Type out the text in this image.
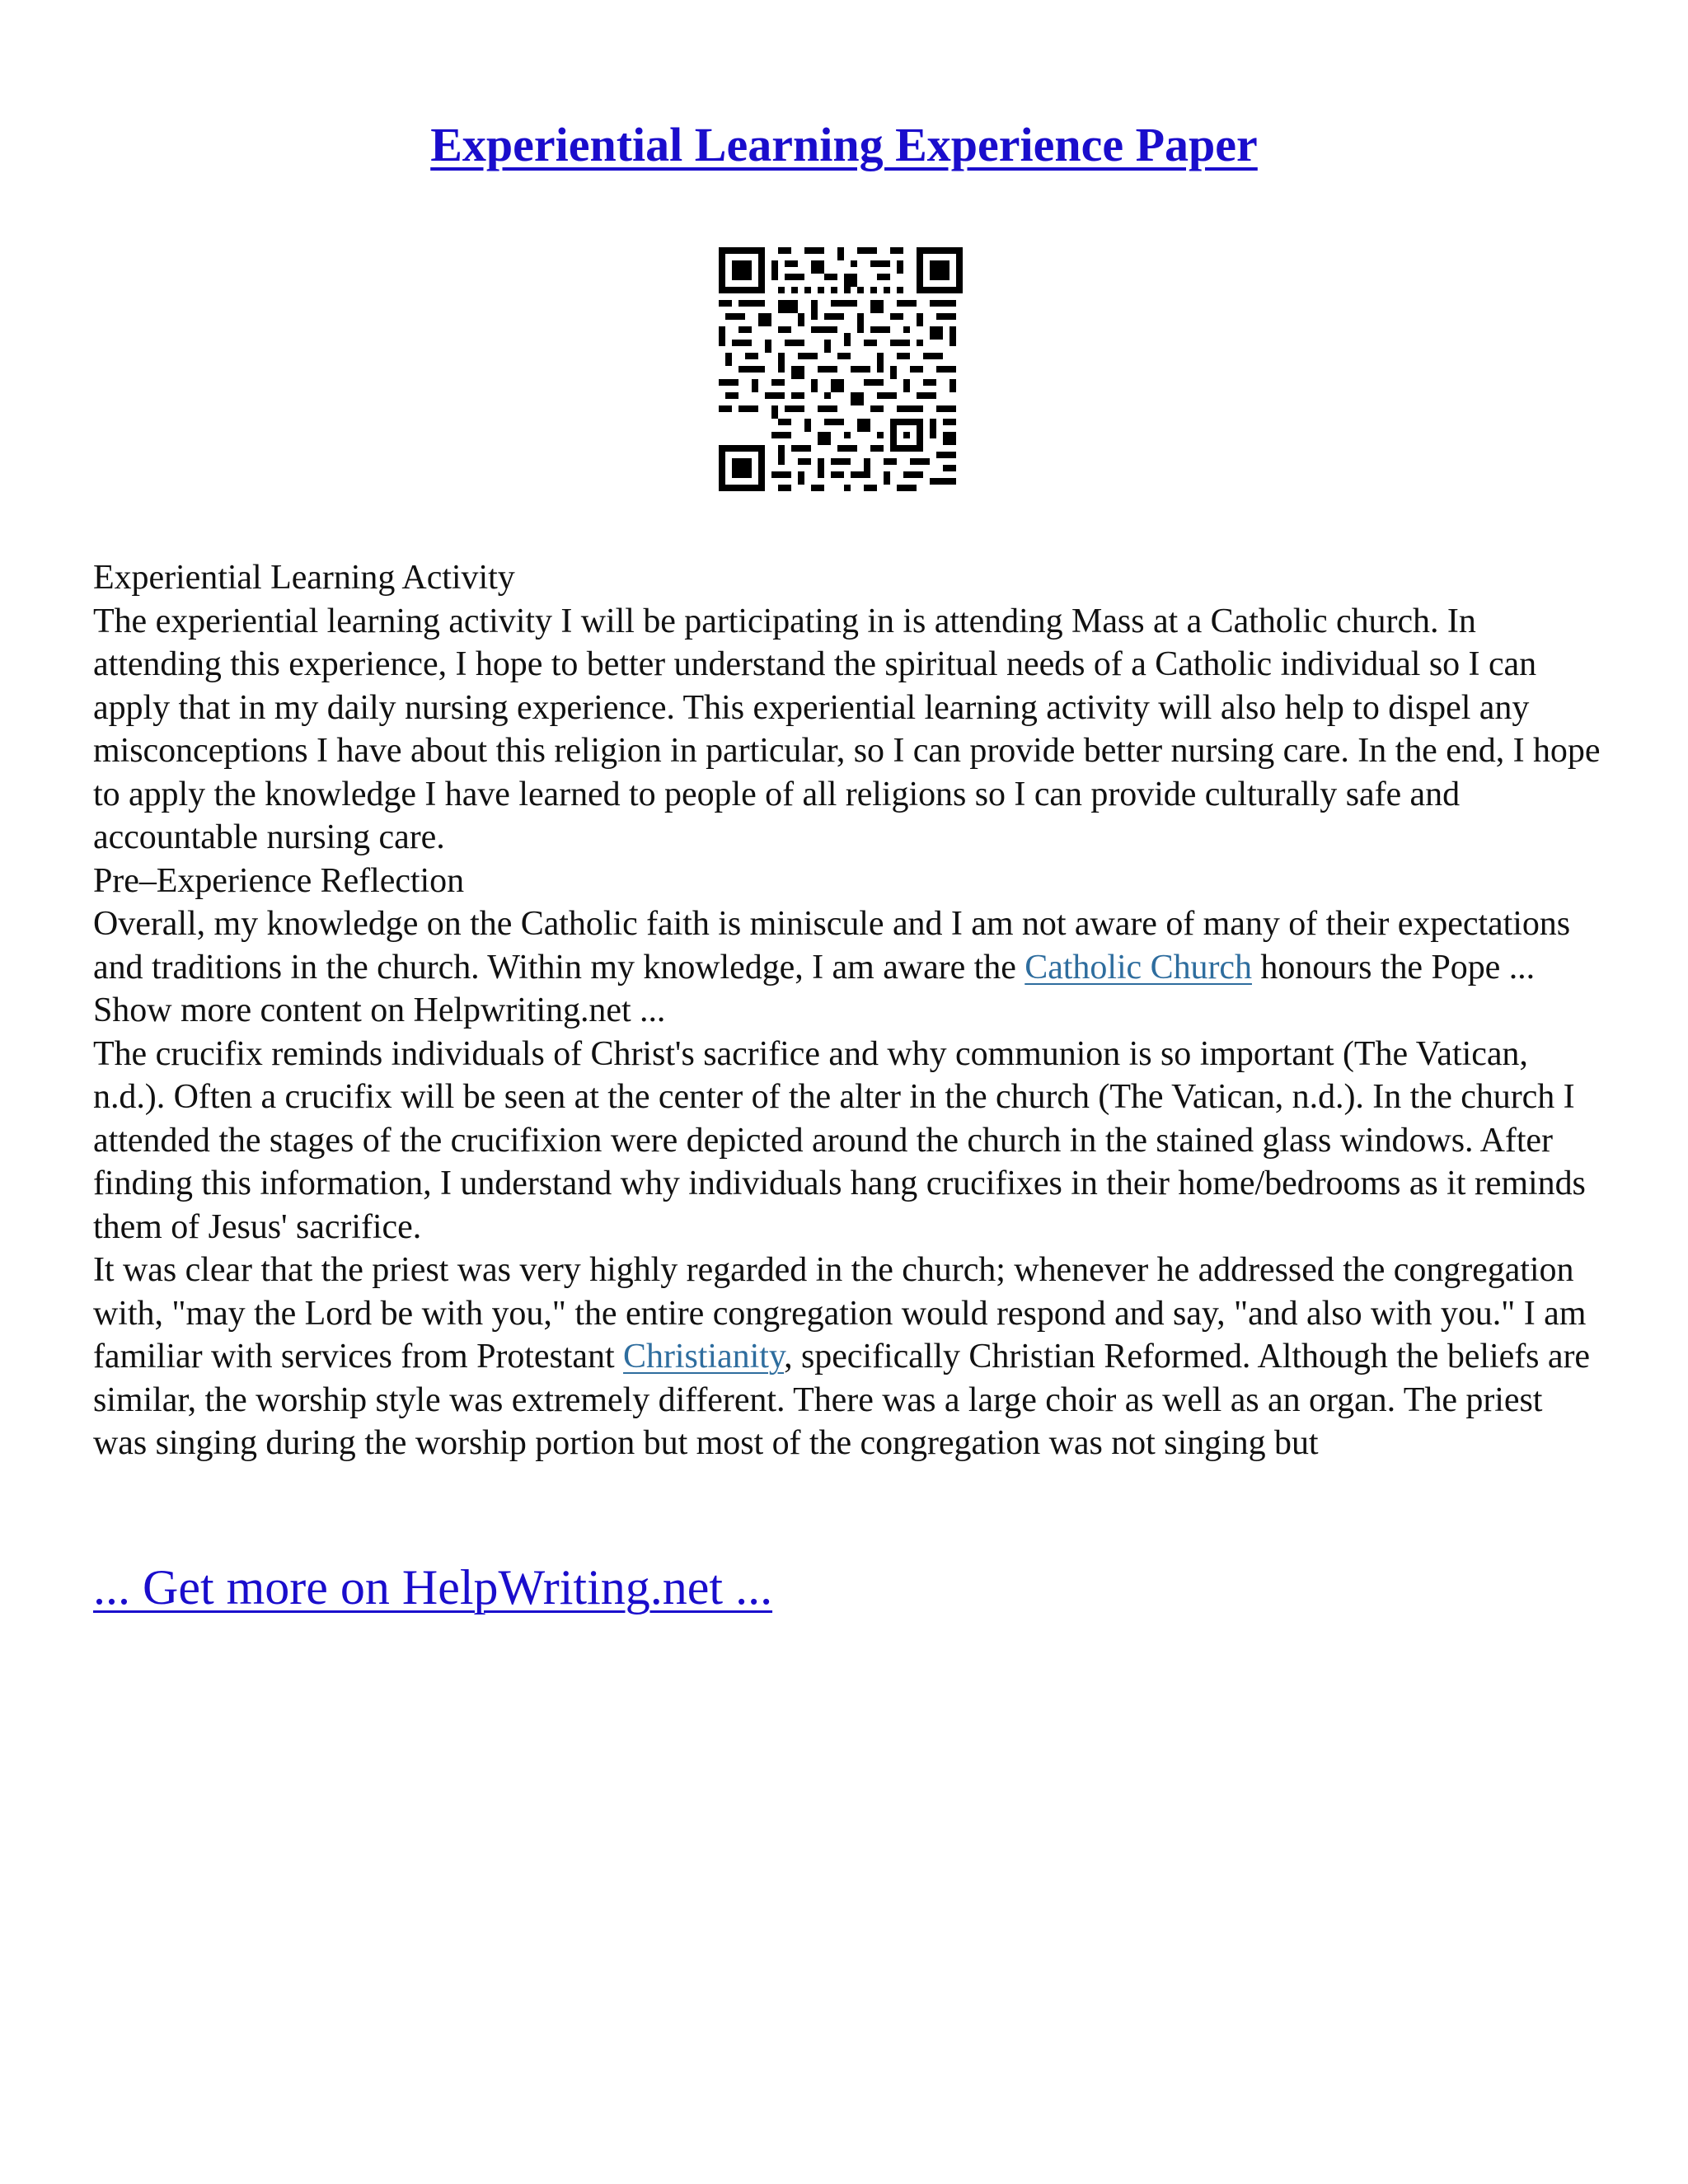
Experiential Learning Experience Paper

Experiential Learning Activity

The experiential learning activity I will be participating in is attending Mass at a Catholic church. In attending this experience, I hope to better understand the spiritual needs of a Catholic individual so I can apply that in my daily nursing experience. This experiential learning activity will also help to dispel any misconceptions I have about this religion in particular, so I can provide better nursing care. In the end, I hope to apply the knowledge I have learned to people of all religions so I can provide culturally safe and accountable nursing care.

Pre–Experience Reflection

Overall, my knowledge on the Catholic faith is miniscule and I am not aware of many of their expectations and traditions in the church. Within my knowledge, I am aware the Catholic Church honours the Pope ... Show more content on Helpwriting.net ...

The crucifix reminds individuals of Christ's sacrifice and why communion is so important (The Vatican, n.d.). Often a crucifix will be seen at the center of the alter in the church (The Vatican, n.d.). In the church I attended the stages of the crucifixion were depicted around the church in the stained glass windows. After finding this information, I understand why individuals hang crucifixes in their home/bedrooms as it reminds them of Jesus' sacrifice.

It was clear that the priest was very highly regarded in the church; whenever he addressed the congregation with, "may the Lord be with you," the entire congregation would respond and say, "and also with you." I am familiar with services from Protestant Christianity, specifically Christian Reformed. Although the beliefs are similar, the worship style was extremely different. There was a large choir as well as an organ. The priest was singing during the worship portion but most of the congregation was not singing but

... Get more on HelpWriting.net ...
